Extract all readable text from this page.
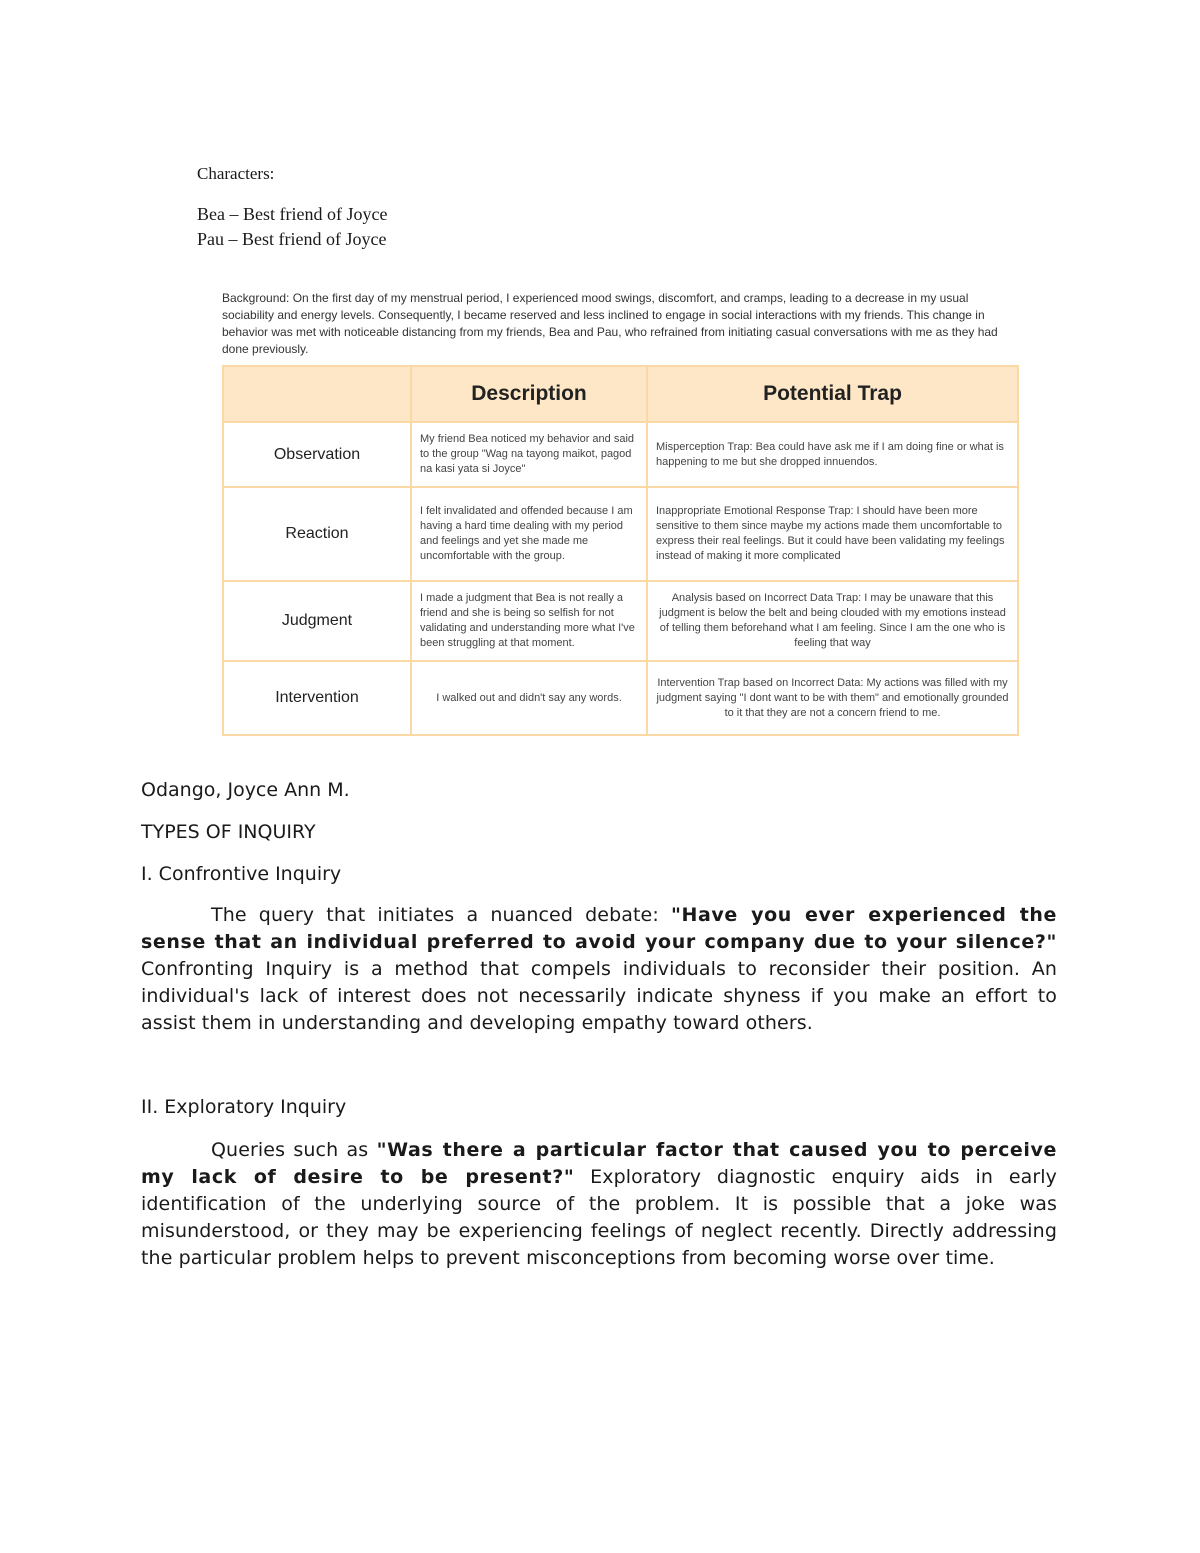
Characters:
Bea – Best friend of Joyce
Pau – Best friend of Joyce
Background: On the first day of my menstrual period, I experienced mood swings, discomfort, and cramps, leading to a decrease in my usual sociability and energy levels. Consequently, I became reserved and less inclined to engage in social interactions with my friends. This change in behavior was met with noticeable distancing from my friends, Bea and Pau, who refrained from initiating casual conversations with me as they had done previously.
	Description	Potential Trap
Observation	My friend Bea noticed my behavior and said to the group "Wag na tayong maikot, pagod na kasi yata si Joyce"	Misperception Trap: Bea could have ask me if I am doing fine or what is happening to me but she dropped innuendos.
Reaction	I felt invalidated and offended because I am having a hard time dealing with my period and feelings and yet she made me uncomfortable with the group.	Inappropriate Emotional Response Trap: I should have been more sensitive to them since maybe my actions made them uncomfortable to express their real feelings. But it could have been validating my feelings instead of making it more complicated
Judgment	I made a judgment that Bea is not really a friend and she is being so selfish for not validating and understanding more what I've been struggling at that moment.	Analysis based on Incorrect Data Trap: I may be unaware that this judgment is below the belt and being clouded with my emotions instead of telling them beforehand what I am feeling. Since I am the one who is feeling that way
Intervention	I walked out and didn't say any words.	Intervention Trap based on Incorrect Data: My actions was filled with my judgment saying "I dont want to be with them" and emotionally grounded to it that they are not a concern friend to me.
Odango, Joyce Ann M.
TYPES OF INQUIRY
I. Confrontive Inquiry
The query that initiates a nuanced debate: "Have you ever experienced the sense that an individual preferred to avoid your company due to your silence?" Confronting Inquiry is a method that compels individuals to reconsider their position. An individual's lack of interest does not necessarily indicate shyness if you make an effort to assist them in understanding and developing empathy toward others.
II. Exploratory Inquiry
Queries such as "Was there a particular factor that caused you to perceive my lack of desire to be present?" Exploratory diagnostic enquiry aids in early identification of the underlying source of the problem. It is possible that a joke was misunderstood, or they may be experiencing feelings of neglect recently. Directly addressing the particular problem helps to prevent misconceptions from becoming worse over time.
